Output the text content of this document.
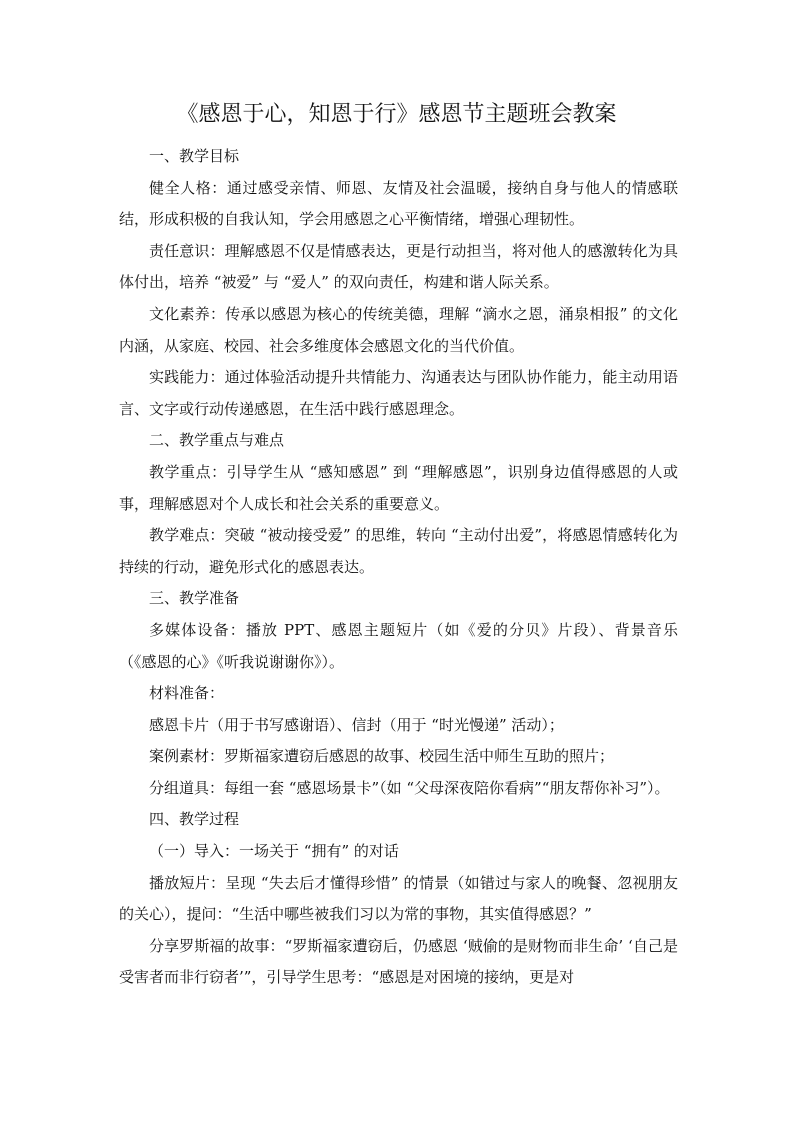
《感恩于心，知恩于行》感恩节主题班会教案

一、教学目标

健全人格：通过感受亲情、师恩、友情及社会温暖，接纳自身与他人的情感联结，形成积极的自我认知，学会用感恩之心平衡情绪，增强心理韧性。

责任意识：理解感恩不仅是情感表达，更是行动担当，将对他人的感激转化为具体付出，培养 “被爱” 与 “爱人” 的双向责任，构建和谐人际关系。

文化素养：传承以感恩为核心的传统美德，理解 “滴水之恩，涌泉相报” 的文化内涵，从家庭、校园、社会多维度体会感恩文化的当代价值。

实践能力：通过体验活动提升共情能力、沟通表达与团队协作能力，能主动用语言、文字或行动传递感恩，在生活中践行感恩理念。

二、教学重点与难点

教学重点：引导学生从 “感知感恩” 到 “理解感恩”，识别身边值得感恩的人或事，理解感恩对个人成长和社会关系的重要意义。

教学难点：突破 “被动接受爱” 的思维，转向 “主动付出爱”，将感恩情感转化为持续的行动，避免形式化的感恩表达。

三、教学准备

多媒体设备：播放 PPT、感恩主题短片（如《爱的分贝》片段）、背景音乐（《感恩的心》《听我说谢谢你》）。

材料准备：

感恩卡片（用于书写感谢语）、信封（用于 “时光慢递” 活动）；

案例素材：罗斯福家遭窃后感恩的故事、校园生活中师生互助的照片；

分组道具：每组一套 “感恩场景卡”（如 “父母深夜陪你看病”“朋友帮你补习”）。

四、教学过程

（一）导入：一场关于 “拥有” 的对话

播放短片：呈现 “失去后才懂得珍惜” 的情景（如错过与家人的晚餐、忽视朋友的关心），提问：“生活中哪些被我们习以为常的事物，其实值得感恩？”

分享罗斯福的故事：“罗斯福家遭窃后，仍感恩 ‘贼偷的是财物而非生命’ ‘自己是受害者而非行窃者’”，引导学生思考：“感恩是对困境的接纳，更是对
